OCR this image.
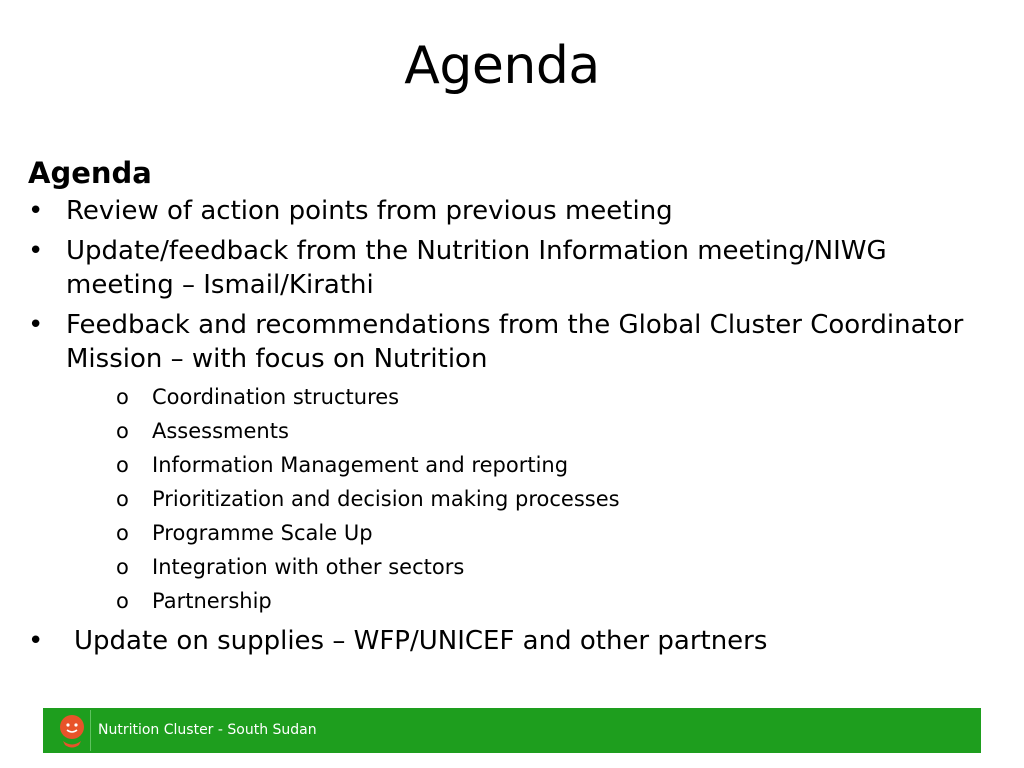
Agenda
Agenda
• Review of action points from previous meeting
• Update/feedback from the Nutrition Information meeting/NIWG meeting – Ismail/Kirathi
• Feedback and recommendations from the Global Cluster Coordinator Mission – with focus on Nutrition
o Coordination structures
o Assessments
o Information Management and reporting
o Prioritization and decision making processes
o Programme Scale Up
o Integration with other sectors
o Partnership
• Update on supplies – WFP/UNICEF and other partners
Nutrition Cluster - South Sudan
